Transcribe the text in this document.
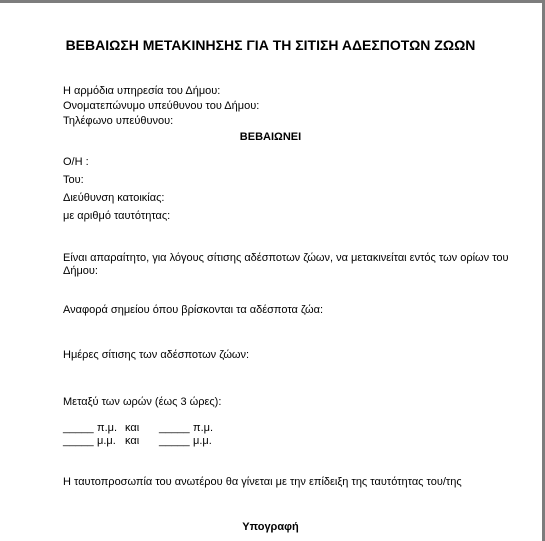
ΒΕΒΑΙΩΣΗ ΜΕΤΑΚΙΝΗΣΗΣ ΓΙΑ ΤΗ ΣΙΤΙΣΗ ΑΔΕΣΠΟΤΩΝ ΖΩΩΝ
Η αρμόδια υπηρεσία του Δήμου:
Ονοματεπώνυμο υπεύθυνου του Δήμου:
Τηλέφωνο υπεύθυνου:
ΒΕΒΑΙΩΝΕΙ
Ο/Η :
Του:
Διεύθυνση κατοικίας:
με αριθμό ταυτότητας:
Είναι απαραίτητο, για λόγους σίτισης αδέσποτων ζώων, να μετακινείται εντός των ορίων του Δήμου:
Αναφορά σημείου όπου βρίσκονται τα αδέσποτα ζώα:
Ημέρες σίτισης των αδέσποτων ζώων:
Μεταξύ των ωρών (έως 3 ώρες):
_____ π.μ. και _____ π.μ.
_____ μ.μ. και _____ μ.μ.
Η ταυτοπροσωπία του ανωτέρου θα γίνεται με την επίδειξη της ταυτότητας του/της
Υπογραφή
